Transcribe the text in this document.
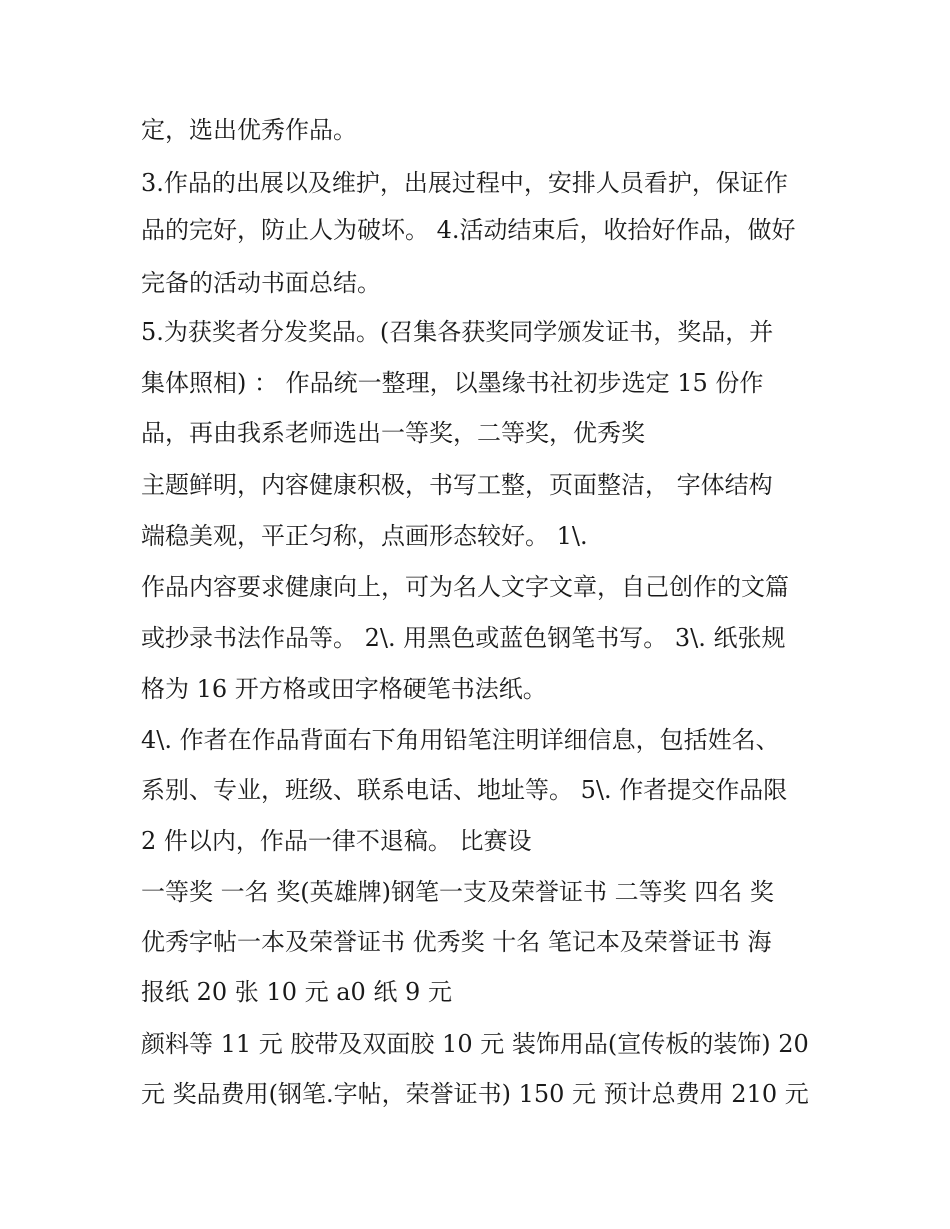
定，选出优秀作品。
3.作品的出展以及维护，出展过程中，安排人员看护，保证作
品的完好，防止人为破坏。 4.活动结束后，收拾好作品，做好
完备的活动书面总结。
5.为获奖者分发奖品。(召集各获奖同学颁发证书，奖品，并
集体照相) ： 作品统一整理，以墨缘书社初步选定 15 份作
品，再由我系老师选出一等奖，二等奖，优秀奖
主题鲜明，内容健康积极，书写工整，页面整洁， 字体结构
端稳美观，平正匀称，点画形态较好。 1\.
作品内容要求健康向上，可为名人文字文章，自己创作的文篇
或抄录书法作品等。 2\. 用黑色或蓝色钢笔书写。 3\. 纸张规
格为 16 开方格或田字格硬笔书法纸。
4\. 作者在作品背面右下角用铅笔注明详细信息，包括姓名、
系别、专业，班级、联系电话、地址等。 5\. 作者提交作品限
2 件以内，作品一律不退稿。 比赛设
一等奖 一名 奖(英雄牌)钢笔一支及荣誉证书 二等奖 四名 奖
优秀字帖一本及荣誉证书 优秀奖 十名 笔记本及荣誉证书 海
报纸 20 张 10 元 a0 纸 9 元
颜料等 11 元 胶带及双面胶 10 元 装饰用品(宣传板的装饰) 20
元 奖品费用(钢笔.字帖，荣誉证书) 150 元 预计总费用 210 元
